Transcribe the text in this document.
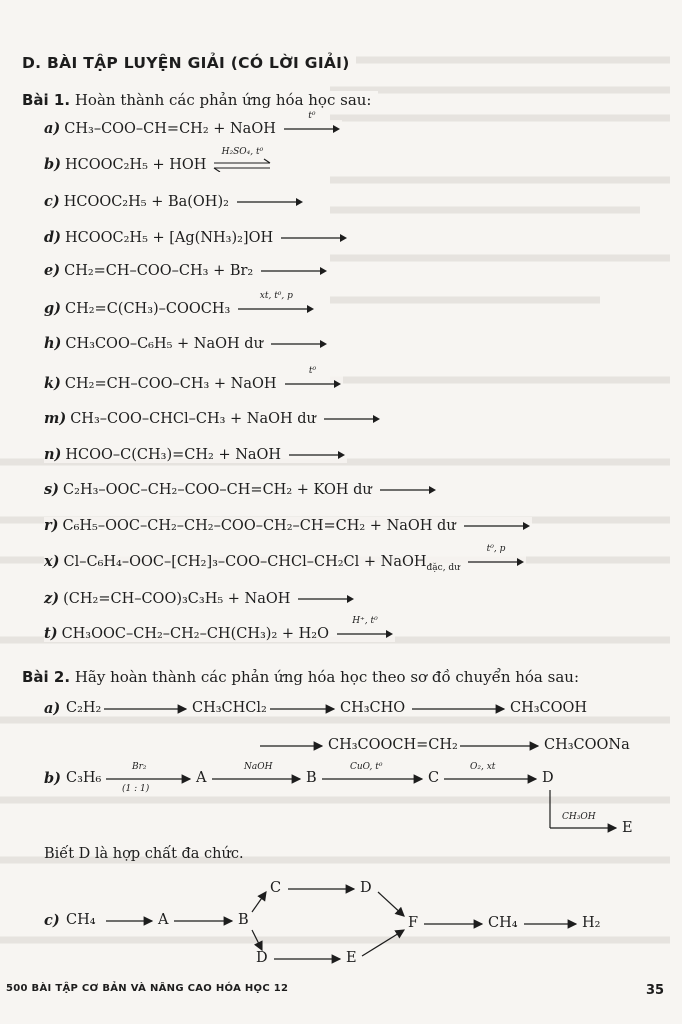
D. BÀI TẬP LUYỆN GIẢI (CÓ LỜI GIẢI)
Bài 1. Hoàn thành các phản ứng hóa học sau:
a) CH₃–COO–CH=CH₂ + NaOH
t⁰
b) HCOOC₂H₅ + HOH
H₂SO₄, t⁰
c) HCOOC₂H₅ + Ba(OH)₂
d) HCOOC₂H₅ + [Ag(NH₃)₂]OH
e) CH₂=CH–COO–CH₃ + Br₂
g) CH₂=C(CH₃)–COOCH₃
xt, t⁰, p
h) CH₃COO–C₆H₅ + NaOH dư
k) CH₂=CH–COO–CH₃ + NaOH
t⁰
m) CH₃–COO–CHCl–CH₃ + NaOH dư
n) HCOO–C(CH₃)=CH₂ + NaOH
s) C₂H₃–OOC–CH₂–COO–CH=CH₂ + KOH dư
r) C₆H₅–OOC–CH₂–CH₂–COO–CH₂–CH=CH₂ + NaOH dư
x) Cl–C₆H₄–OOC–[CH₂]₃–COO–CHCl–CH₂Cl + NaOH$_{đặc, dư}$
t⁰, p
z) (CH₂=CH–COO)₃C₃H₅ + NaOH
t) CH₃OOC–CH₂–CH₂–CH(CH₃)₂ + H₂O
H⁺, t⁰
Bài 2. Hãy hoàn thành các phản ứng hóa học theo sơ đồ chuyển hóa sau:
a) C₂H₂	CH₃CHCl₂	CH₃CHO	CH₃COOH
CH₃COOCH=CH₂	CH₃COONa
b) C₃H₆
Br₂
(1 : 1)
A
NaOH
B
CuO, t⁰
C
O₂, xt
D
CH₃OH
E
Biết D là hợp chất đa chức.
c) CH₄	A	B
C	D
D	E
F	CH₄	H₂
500 BÀI TẬP CƠ BẢN VÀ NÂNG CAO HÓA HỌC 12	35
